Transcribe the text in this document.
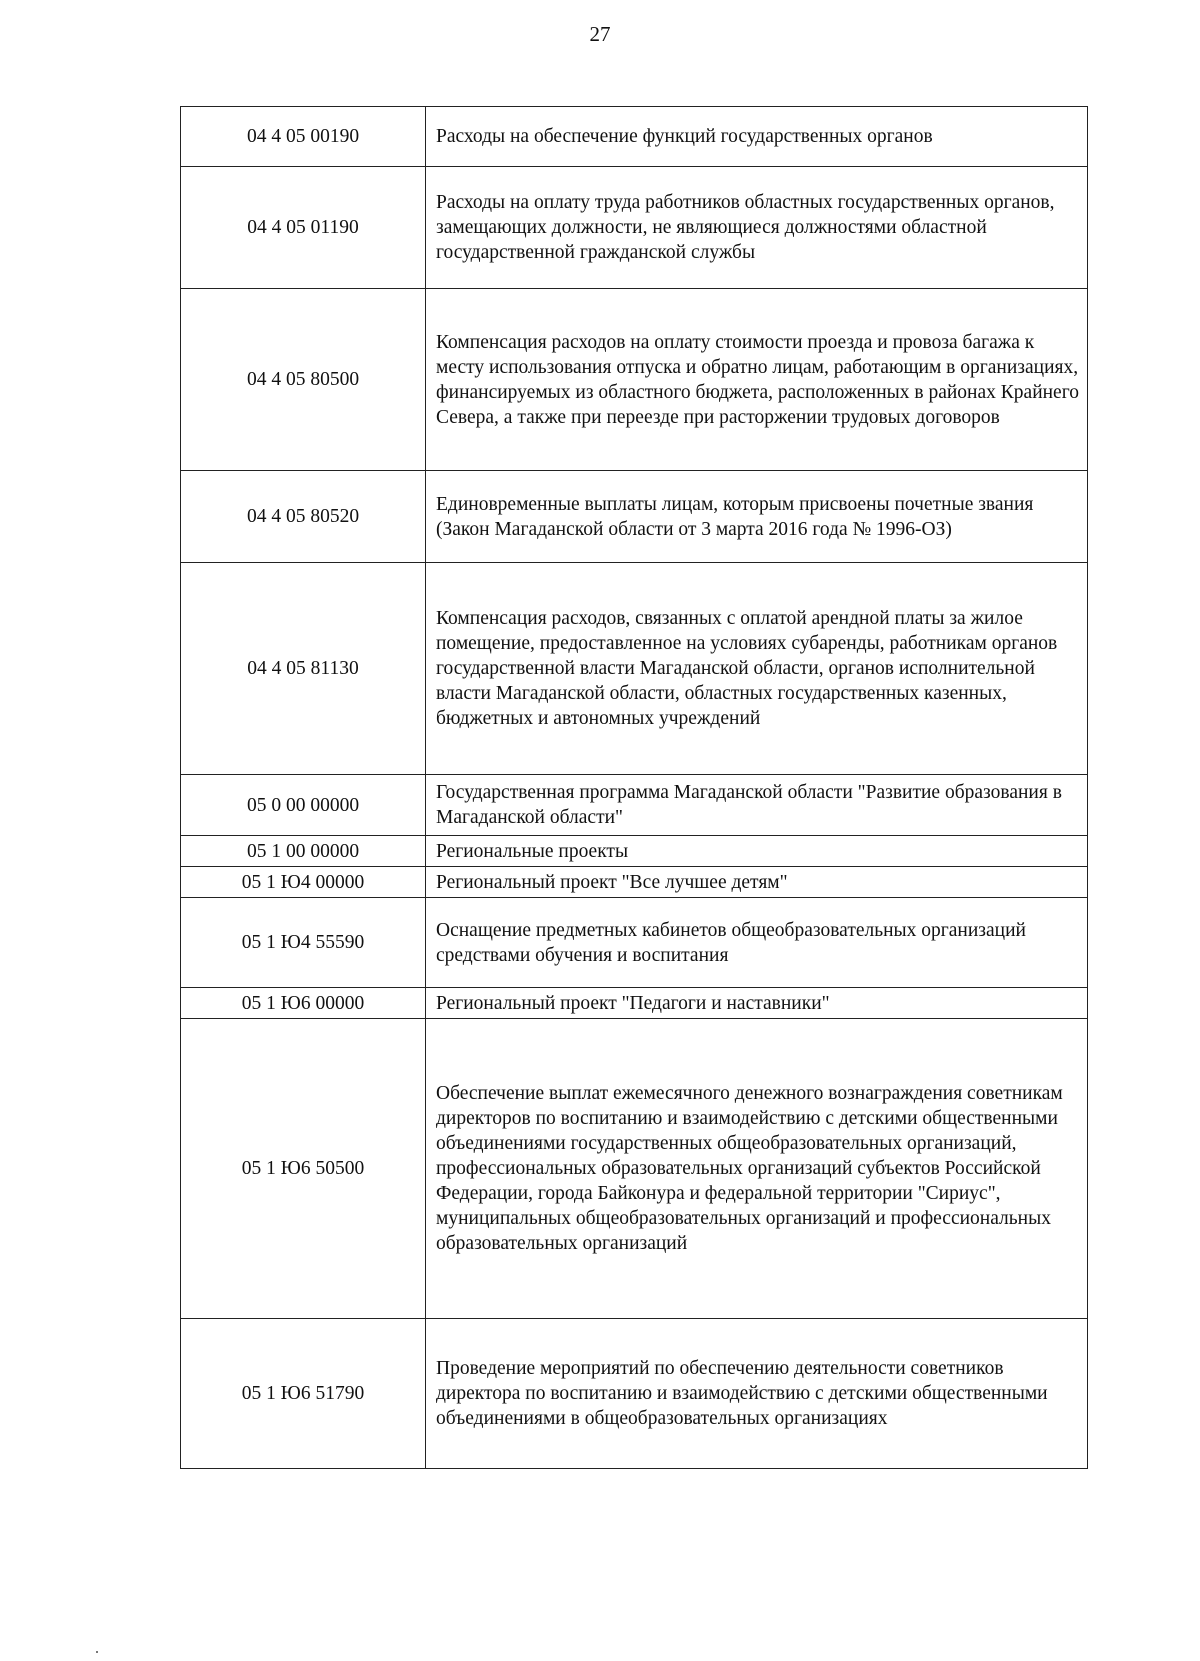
27
04 4 05 00190	Расходы на обеспечение функций государственных органов
04 4 05 01190	Расходы на оплату труда работников областных государственных органов, замещающих должности, не являющиеся должностями областной государственной гражданской службы
04 4 05 80500	Компенсация расходов на оплату стоимости проезда и провоза багажа к месту использования отпуска и обратно лицам, работающим в организациях, финансируемых из областного бюджета, расположенных в районах Крайнего Севера, а также при переезде при расторжении трудовых договоров
04 4 05 80520	Единовременные выплаты лицам, которым присвоены почетные звания (Закон Магаданской области от 3 марта 2016 года № 1996-ОЗ)
04 4 05 81130	Компенсация расходов, связанных с оплатой арендной платы за жилое помещение, предоставленное на условиях субаренды, работникам органов государственной власти Магаданской области, органов исполнительной власти Магаданской области, областных государственных казенных, бюджетных и автономных учреждений
05 0 00 00000	Государственная программа Магаданской области "Развитие образования в Магаданской области"
05 1 00 00000	Региональные проекты
05 1 Ю4 00000	Региональный проект "Все лучшее детям"
05 1 Ю4 55590	Оснащение предметных кабинетов общеобразовательных организаций средствами обучения и воспитания
05 1 Ю6 00000	Региональный проект "Педагоги и наставники"
05 1 Ю6 50500	Обеспечение выплат ежемесячного денежного вознаграждения советникам директоров по воспитанию и взаимодействию с детскими общественными объединениями государственных общеобразовательных организаций, профессиональных образовательных организаций субъектов Российской Федерации, города Байконура и федеральной территории "Сириус", муниципальных общеобразовательных организаций и профессиональных образовательных организаций
05 1 Ю6 51790	Проведение мероприятий по обеспечению деятельности советников директора по воспитанию и взаимодействию с детскими общественными объединениями в общеобразовательных организациях
